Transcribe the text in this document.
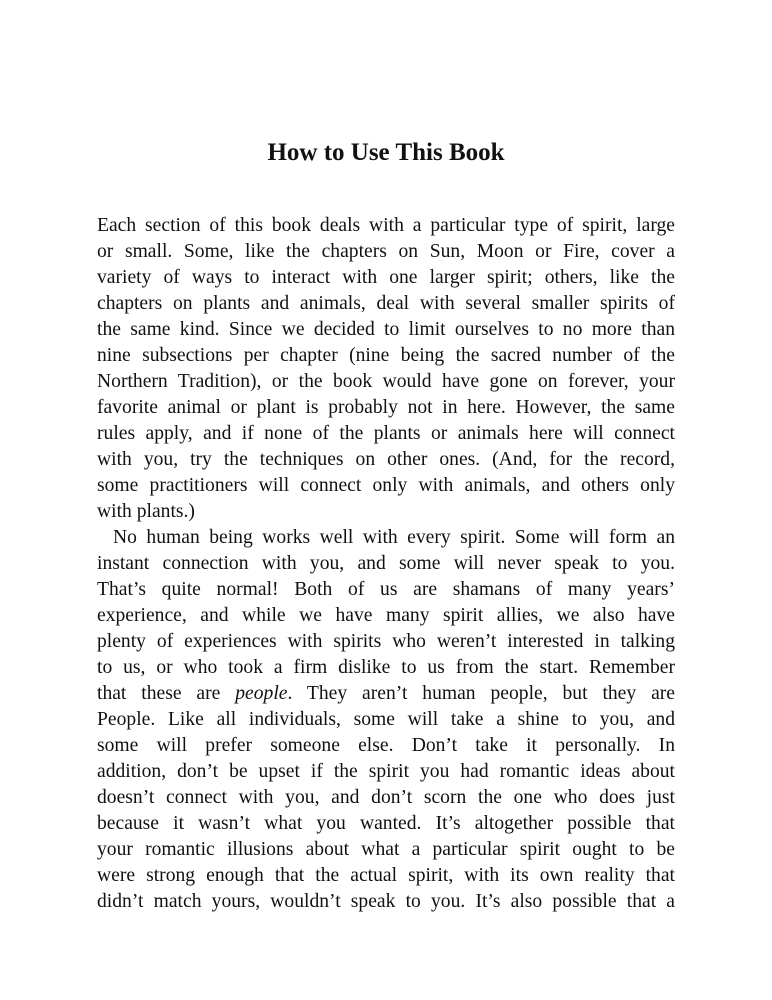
How to Use This Book

Each section of this book deals with a particular type of spirit, large
or small. Some, like the chapters on Sun, Moon or Fire, cover a
variety of ways to interact with one larger spirit; others, like the
chapters on plants and animals, deal with several smaller spirits of
the same kind. Since we decided to limit ourselves to no more than
nine subsections per chapter (nine being the sacred number of the
Northern Tradition), or the book would have gone on forever, your
favorite animal or plant is probably not in here. However, the same
rules apply, and if none of the plants or animals here will connect
with you, try the techniques on other ones. (And, for the record,
some practitioners will connect only with animals, and others only
with plants.)

No human being works well with every spirit. Some will form an
instant connection with you, and some will never speak to you.
That’s quite normal! Both of us are shamans of many years’
experience, and while we have many spirit allies, we also have
plenty of experiences with spirits who weren’t interested in talking
to us, or who took a firm dislike to us from the start. Remember
that these are people. They aren’t human people, but they are
People. Like all individuals, some will take a shine to you, and
some will prefer someone else. Don’t take it personally. In
addition, don’t be upset if the spirit you had romantic ideas about
doesn’t connect with you, and don’t scorn the one who does just
because it wasn’t what you wanted. It’s altogether possible that
your romantic illusions about what a particular spirit ought to be
were strong enough that the actual spirit, with its own reality that
didn’t match yours, wouldn’t speak to you. It’s also possible that a
